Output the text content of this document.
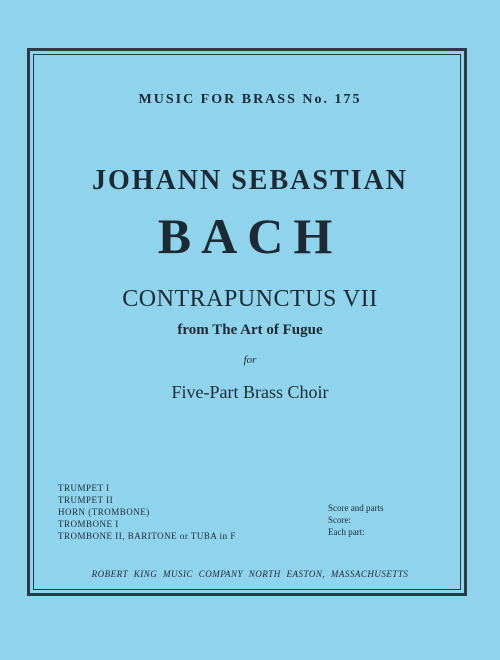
MUSIC FOR BRASS No. 175
JOHANN SEBASTIAN
BACH
CONTRAPUNCTUS VII
from The Art of Fugue
for
Five-Part Brass Choir
TRUMPET I
TRUMPET II
HORN (TROMBONE)
TROMBONE I
TROMBONE II, BARITONE or TUBA in F
Score and parts
Score:
Each part:
ROBERT KING MUSIC COMPANY NORTH EASTON, MASSACHUSETTS
